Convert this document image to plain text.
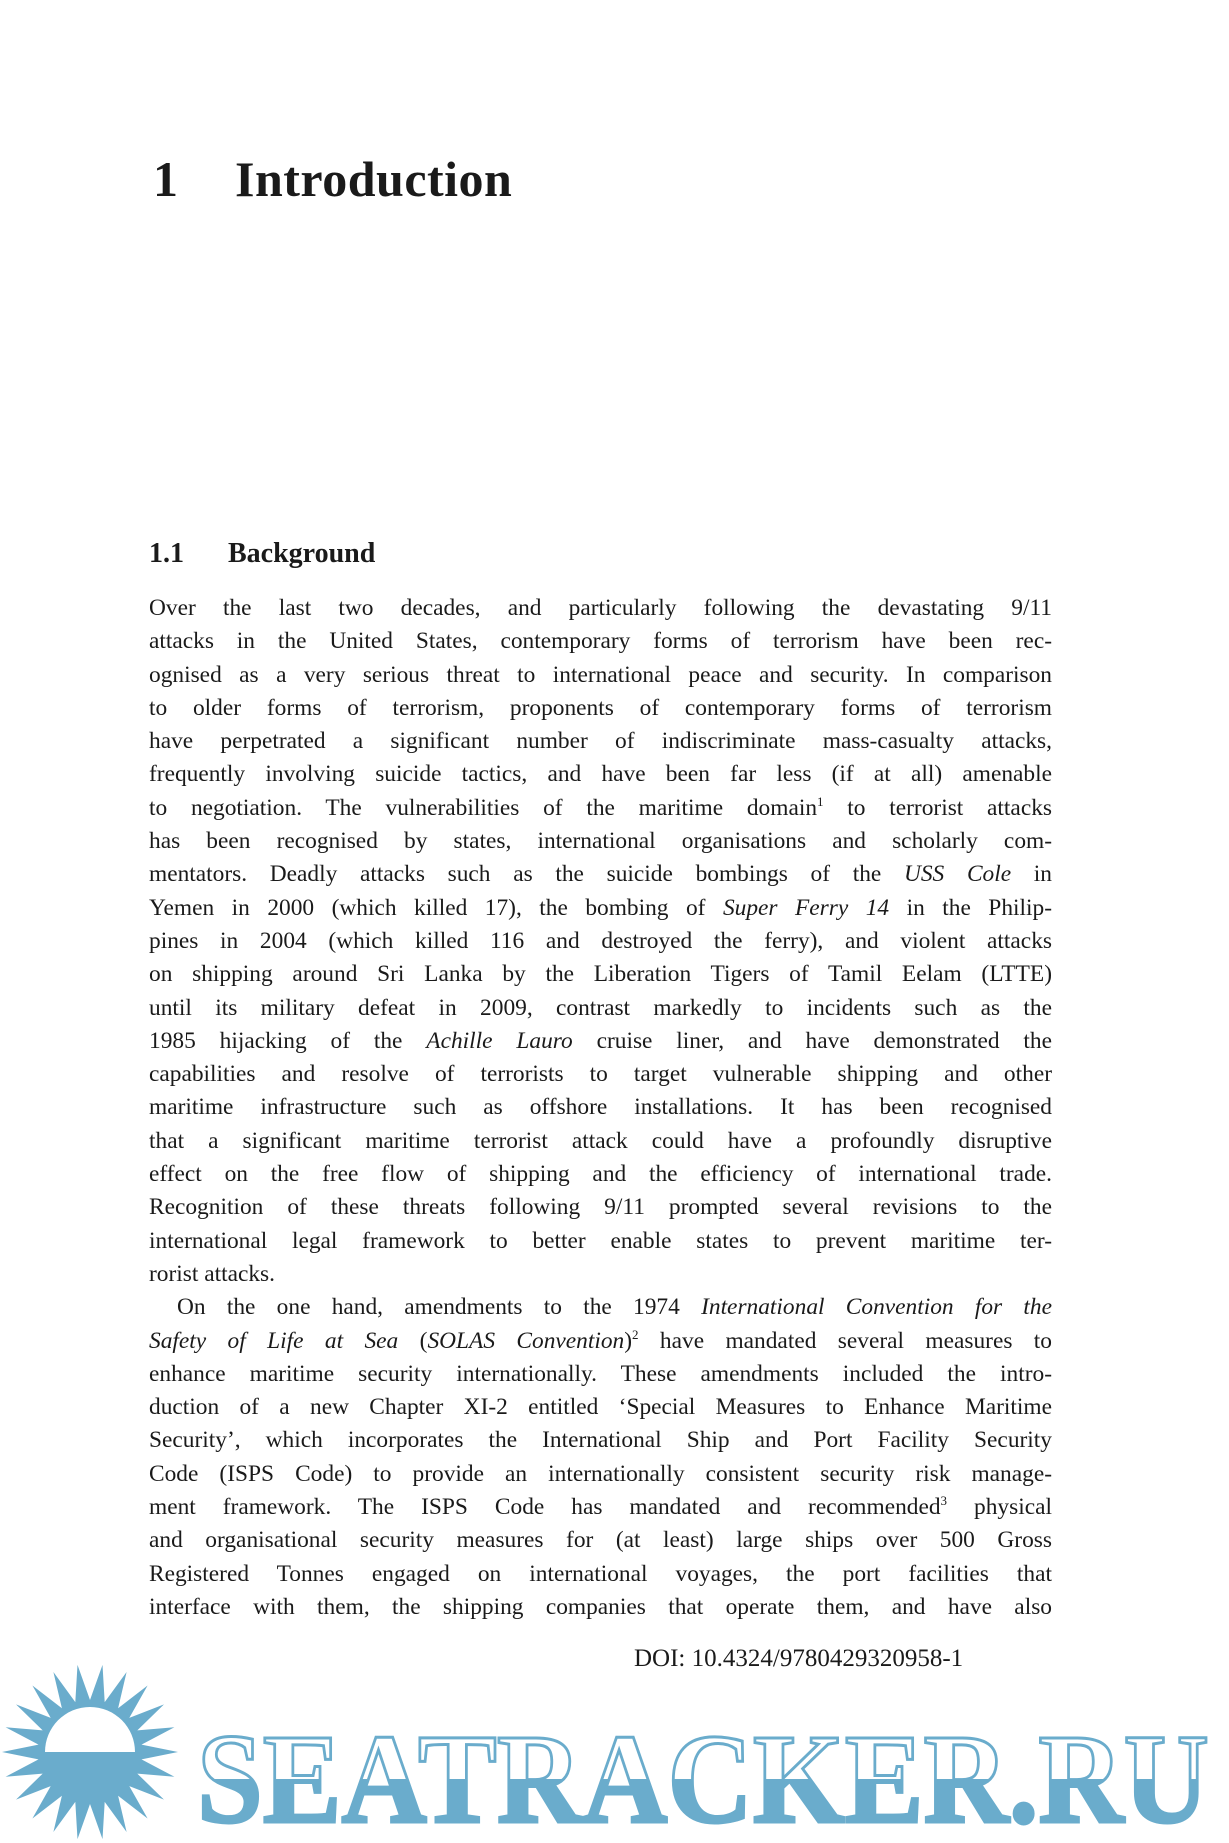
1 Introduction
1.1 Background
Over the last two decades, and particularly following the devastating 9/11
attacks in the United States, contemporary forms of terrorism have been rec-
ognised as a very serious threat to international peace and security. In comparison
to older forms of terrorism, proponents of contemporary forms of terrorism
have perpetrated a significant number of indiscriminate mass-casualty attacks,
frequently involving suicide tactics, and have been far less (if at all) amenable
to negotiation. The vulnerabilities of the maritime domain$^1$ to terrorist attacks
has been recognised by states, international organisations and scholarly com-
mentators. Deadly attacks such as the suicide bombings of the USS Cole in
Yemen in 2000 (which killed 17), the bombing of Super Ferry 14 in the Philip-
pines in 2004 (which killed 116 and destroyed the ferry), and violent attacks
on shipping around Sri Lanka by the Liberation Tigers of Tamil Eelam (LTTE)
until its military defeat in 2009, contrast markedly to incidents such as the
1985 hijacking of the Achille Lauro cruise liner, and have demonstrated the
capabilities and resolve of terrorists to target vulnerable shipping and other
maritime infrastructure such as offshore installations. It has been recognised
that a significant maritime terrorist attack could have a profoundly disruptive
effect on the free flow of shipping and the efficiency of international trade.
Recognition of these threats following 9/11 prompted several revisions to the
international legal framework to better enable states to prevent maritime ter-
rorist attacks.
On the one hand, amendments to the 1974 International Convention for the
Safety of Life at Sea (SOLAS Convention)$^2$ have mandated several measures to
enhance maritime security internationally. These amendments included the intro-
duction of a new Chapter XI-2 entitled ‘Special Measures to Enhance Maritime
Security’, which incorporates the International Ship and Port Facility Security
Code (ISPS Code) to provide an internationally consistent security risk manage-
ment framework. The ISPS Code has mandated and recommended$^3$ physical
and organisational security measures for (at least) large ships over 500 Gross
Registered Tonnes engaged on international voyages, the port facilities that
interface with them, the shipping companies that operate them, and have also
DOI: 10.4324/9780429320958-1
SEATRACKER.RU
